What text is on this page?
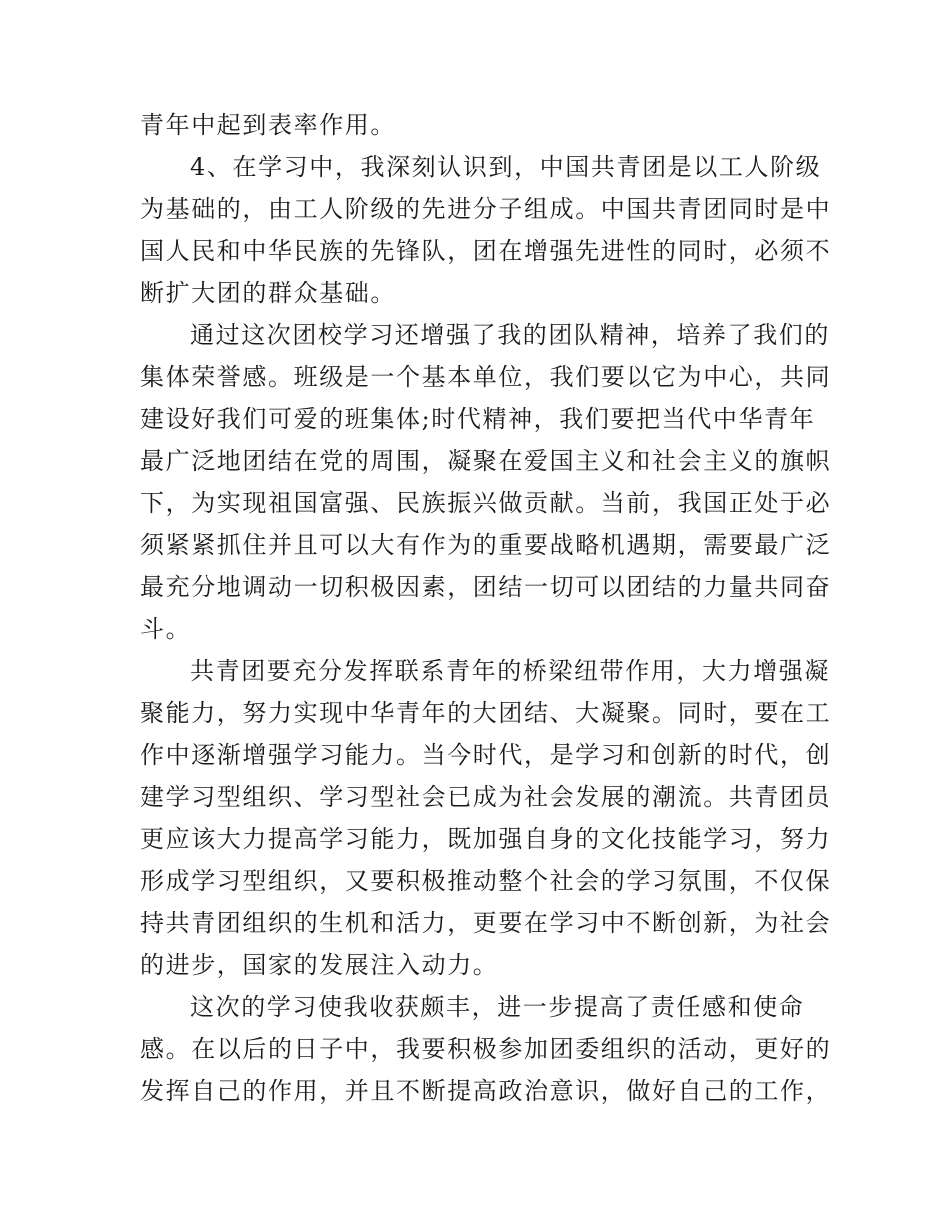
青年中起到表率作用。
4、在学习中，我深刻认识到，中国共青团是以工人阶级
为基础的，由工人阶级的先进分子组成。中国共青团同时是中
国人民和中华民族的先锋队，团在增强先进性的同时，必须不
断扩大团的群众基础。
通过这次团校学习还增强了我的团队精神，培养了我们的
集体荣誉感。班级是一个基本单位，我们要以它为中心，共同
建设好我们可爱的班集体;时代精神，我们要把当代中华青年
最广泛地团结在党的周围，凝聚在爱国主义和社会主义的旗帜
下，为实现祖国富强、民族振兴做贡献。当前，我国正处于必
须紧紧抓住并且可以大有作为的重要战略机遇期，需要最广泛
最充分地调动一切积极因素，团结一切可以团结的力量共同奋
斗。
共青团要充分发挥联系青年的桥梁纽带作用，大力增强凝
聚能力，努力实现中华青年的大团结、大凝聚。同时，要在工
作中逐渐增强学习能力。当今时代，是学习和创新的时代，创
建学习型组织、学习型社会已成为社会发展的潮流。共青团员
更应该大力提高学习能力，既加强自身的文化技能学习，努力
形成学习型组织，又要积极推动整个社会的学习氛围，不仅保
持共青团组织的生机和活力，更要在学习中不断创新，为社会
的进步，国家的发展注入动力。
这次的学习使我收获颇丰，进一步提高了责任感和使命
感。在以后的日子中，我要积极参加团委组织的活动，更好的
发挥自己的作用，并且不断提高政治意识，做好自己的工作，
